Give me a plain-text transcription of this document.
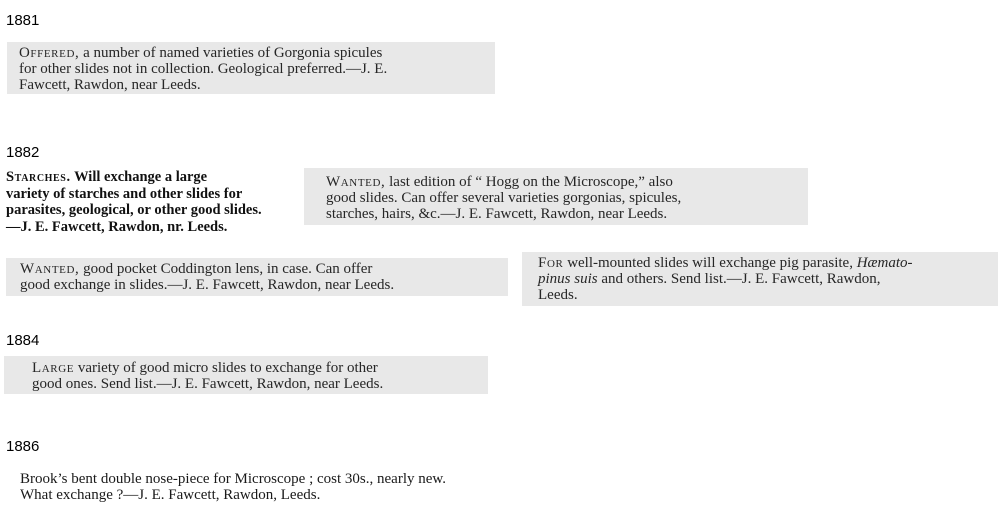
1881
1882
1884
1886
Offered, a number of named varieties of Gorgonia spicules
for other slides not in collection. Geological preferred.—J. E.
Fawcett, Rawdon, near Leeds.
Starches. Will exchange a large
variety of starches and other slides for
parasites, geological, or other good slides.
—J. E. Fawcett, Rawdon, nr. Leeds.
Wanted, last edition of “ Hogg on the Microscope,” also
good slides. Can offer several varieties gorgonias, spicules,
starches, hairs, &c.—J. E. Fawcett, Rawdon, near Leeds.
Wanted, good pocket Coddington lens, in case. Can offer
good exchange in slides.—J. E. Fawcett, Rawdon, near Leeds.
For well-mounted slides will exchange pig parasite, Hæmato-
pinus suis and others. Send list.—J. E. Fawcett, Rawdon,
Leeds.
Large variety of good micro slides to exchange for other
good ones. Send list.—J. E. Fawcett, Rawdon, near Leeds.
Brook’s bent double nose-piece for Microscope ; cost 30s., nearly new.
What exchange ?—J. E. Fawcett, Rawdon, Leeds.
